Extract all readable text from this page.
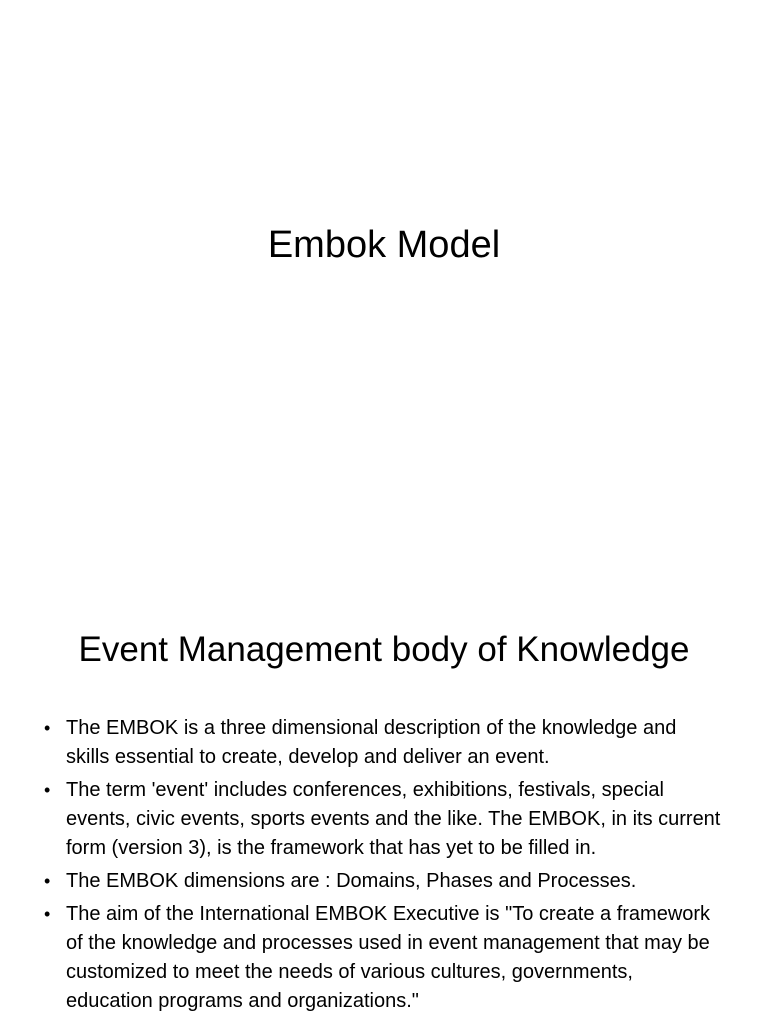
Embok Model
Event Management body of Knowledge
• The EMBOK is a three dimensional description of the knowledge and skills essential to create, develop and deliver an event.
• The term 'event' includes conferences, exhibitions, festivals, special events, civic events, sports events and the like. The EMBOK, in its current form (version 3), is the framework that has yet to be filled in.
• The EMBOK dimensions are : Domains, Phases and Processes.
• The aim of the International EMBOK Executive is "To create a framework of the knowledge and processes used in event management that may be customized to meet the needs of various cultures, governments, education programs and organizations."
